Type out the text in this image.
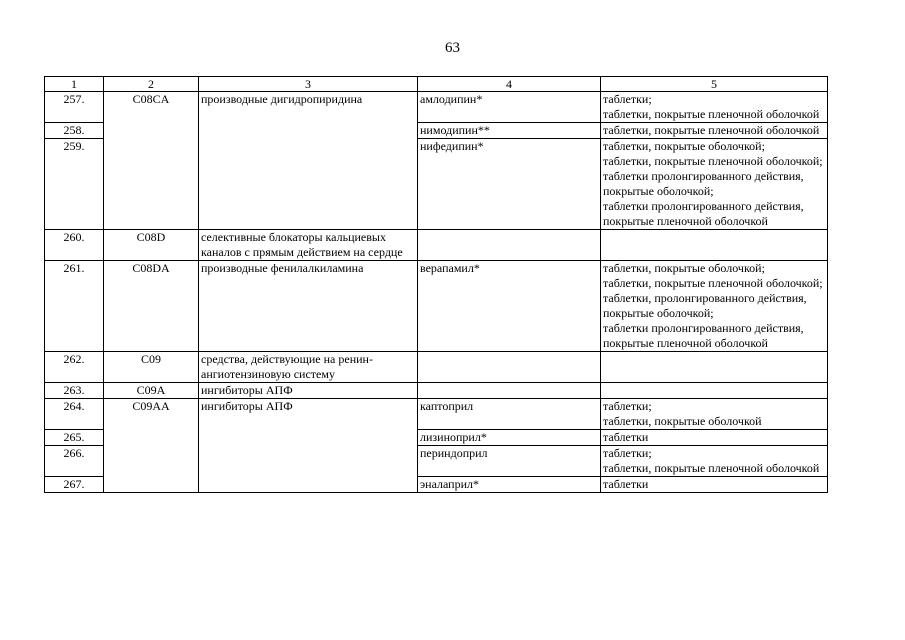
63
1	2	3	4	5
257.	C08CA	производные дигидропиридина	амлодипин*	таблетки;
таблетки, покрытые пленочной оболочкой

258.			нимодипин**	таблетки, покрытые пленочной оболочкой

259.			нифедипин*	таблетки, покрытые оболочкой;
таблетки, покрытые пленочной оболочкой;
таблетки пролонгированного действия, покрытые оболочкой;
таблетки пролонгированного действия, покрытые пленочной оболочкой

260.	C08D	селективные блокаторы кальциевых каналов с прямым действием на сердце		
261.	C08DA	производные фенилалкиламина	верапамил*	таблетки, покрытые оболочкой;
таблетки, покрытые пленочной оболочкой;
таблетки, пролонгированного действия, покрытые оболочкой;
таблетки пролонгированного действия, покрытые пленочной оболочкой

262.	C09	средства, действующие на ренин-ангиотензиновую систему		
263.	C09A	ингибиторы АПФ		
264.	C09AA	ингибиторы АПФ	каптоприл	таблетки;
таблетки, покрытые оболочкой

265.			лизиноприл*	таблетки

266.			периндоприл	таблетки;
таблетки, покрытые пленочной оболочкой

267.			эналаприл*	таблетки
